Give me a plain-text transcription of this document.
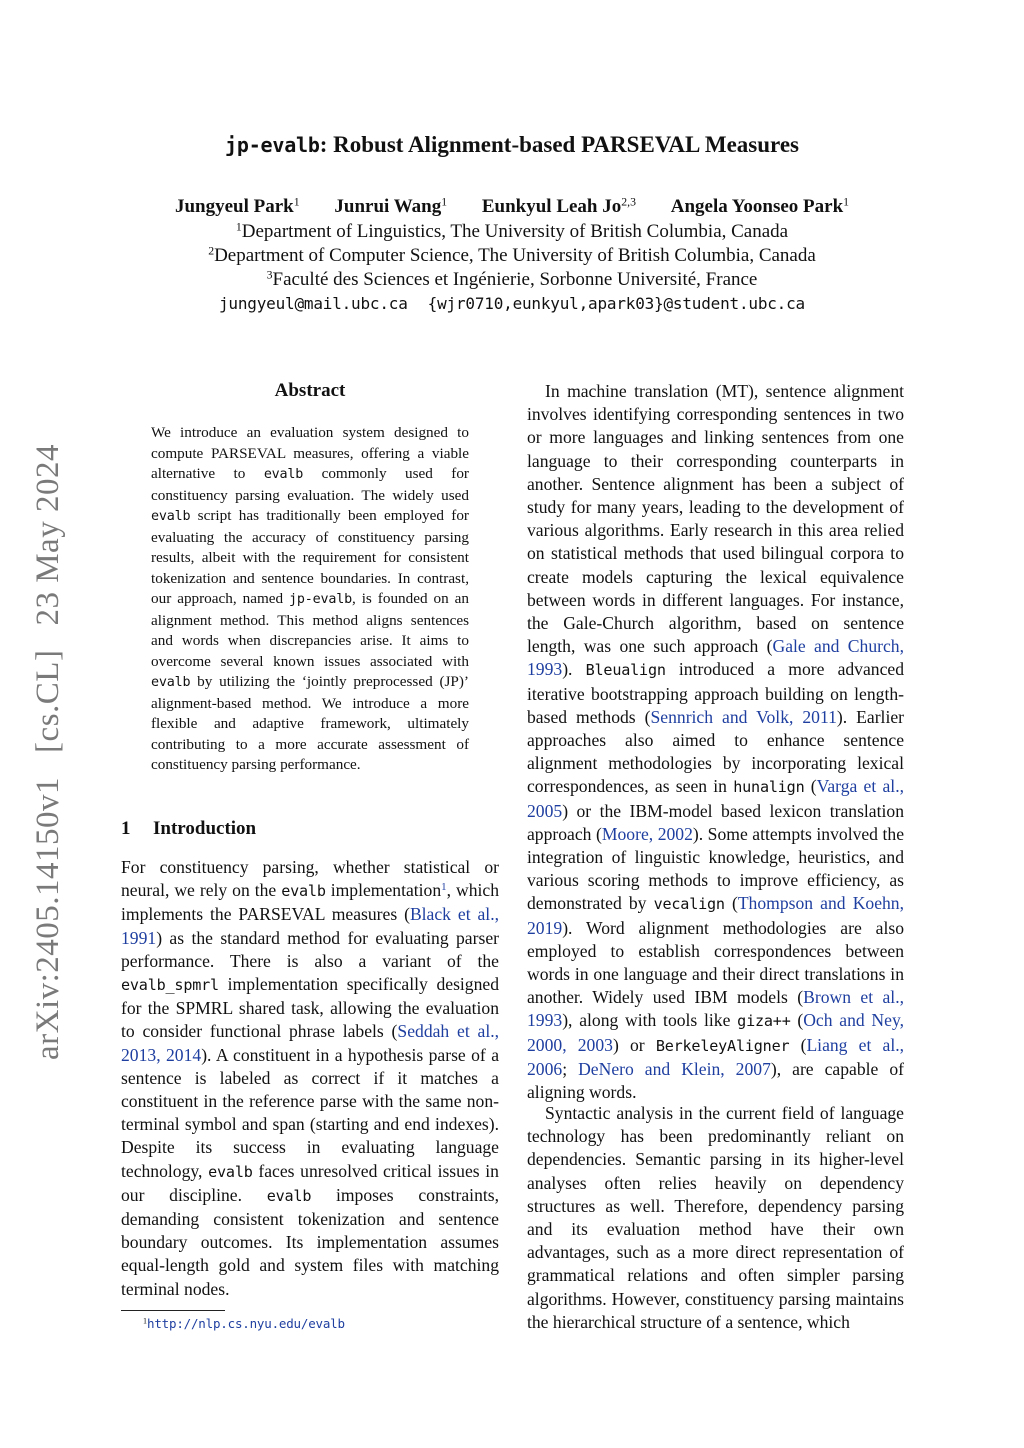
arXiv:2405.14150v1[cs.CL]23 May 2024
jp-evalb: Robust Alignment-based PARSEVAL Measures
Jungyeul Park$^1$ Junrui Wang$^1$ Eunkyul Leah Jo$^{2,3}$ Angela Yoonseo Park$^1$
$^1$Department of Linguistics, The University of British Columbia, Canada
$^2$Department of Computer Science, The University of British Columbia, Canada
$^3$Faculté des Sciences et Ingénierie, Sorbonne Université, France
jungyeul@mail.ubc.ca {wjr0710,eunkyul,apark03}@student.ubc.ca
Abstract
We introduce an evaluation system designed to compute PARSEVAL measures, offering a viable alternative to evalb commonly used for constituency parsing evaluation. The widely used evalb script has traditionally been employed for evaluating the accuracy of constituency parsing results, albeit with the requirement for consistent tokenization and sentence boundaries. In contrast, our approach, named jp-evalb, is founded on an alignment method. This method aligns sentences and words when discrepancies arise. It aims to overcome several known issues associated with evalb by utilizing the ‘jointly preprocessed (JP)’ alignment-based method. We introduce a more flexible and adaptive framework, ultimately contributing to a more accurate assessment of constituency parsing performance.
1 Introduction

For constituency parsing, whether statistical or neural, we rely on the evalb implementation$^1$, which implements the PARSEVAL measures (Black et al., 1991) as the standard method for evaluating parser performance. There is also a variant of the evalb_spmrl implementation specifically designed for the SPMRL shared task, allowing the evaluation to consider functional phrase labels (Seddah et al., 2013, 2014). A constituent in a hypothesis parse of a sentence is labeled as correct if it matches a constituent in the reference parse with the same non-terminal symbol and span (starting and end indexes). Despite its success in evaluating language technology, evalb faces unresolved critical issues in our discipline. evalb imposes constraints, demanding consistent tokenization and sentence boundary outcomes. Its implementation assumes equal-length gold and system files with matching terminal nodes.

In machine translation (MT), sentence alignment involves identifying corresponding sentences in two or more languages and linking sentences from one language to their corresponding counterparts in another. Sentence alignment has been a subject of study for many years, leading to the development of various algorithms. Early research in this area relied on statistical methods that used bilingual corpora to create models capturing the lexical equivalence between words in different languages. For instance, the Gale-Church algorithm, based on sentence length, was one such approach (Gale and Church, 1993). Bleualign introduced a more advanced iterative bootstrapping approach building on length-based methods (Sennrich and Volk, 2011). Earlier approaches also aimed to enhance sentence alignment methodologies by incorporating lexical correspondences, as seen in hunalign (Varga et al., 2005) or the IBM-model based lexicon translation approach (Moore, 2002). Some attempts involved the integration of linguistic knowledge, heuristics, and various scoring methods to improve efficiency, as demonstrated by vecalign (Thompson and Koehn, 2019). Word alignment methodologies are also employed to establish correspondences between words in one language and their direct translations in another. Widely used IBM models (Brown et al., 1993), along with tools like giza++ (Och and Ney, 2000, 2003) or BerkeleyAligner (Liang et al., 2006; DeNero and Klein, 2007), are capable of aligning words.

Syntactic analysis in the current field of language technology has been predominantly reliant on dependencies. Semantic parsing in its higher-level analyses often relies heavily on dependency structures as well. Therefore, dependency parsing and its evaluation method have their own advantages, such as a more direct representation of grammatical relations and often simpler parsing algorithms. However, constituency parsing maintains the hierarchical structure of a sentence, which

$^1$http://nlp.cs.nyu.edu/evalb
